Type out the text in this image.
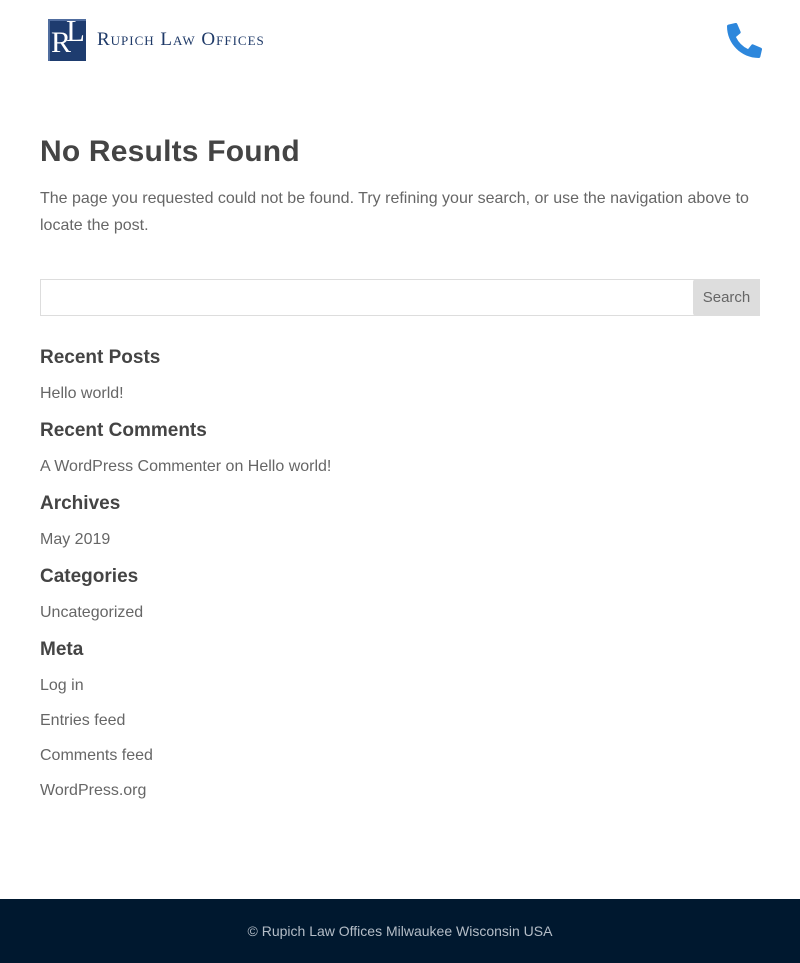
R
L Rupich Law Offices
No Results Found

The page you requested could not be found. Try refining your search, or use the navigation above to locate the post.

Search
Recent Posts
Hello world!
Recent Comments
A WordPress Commenter on Hello world!
Archives
May 2019
Categories
Uncategorized
Meta
Log in
Entries feed
Comments feed
WordPress.org
© Rupich Law Offices Milwaukee Wisconsin USA
